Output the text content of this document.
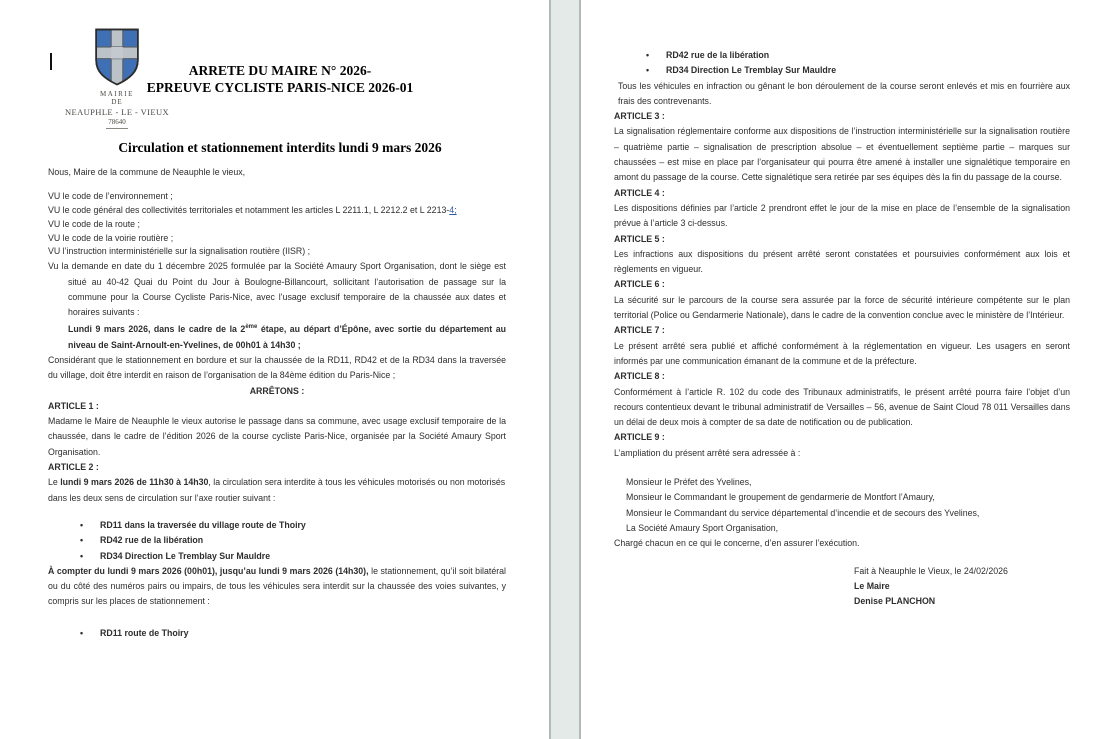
MAIRIE
DE
NEAUPHLE - LE - VIEUX
78640
ARRETE DU MAIRE N° 2026-
EPREUVE CYCLISTE PARIS-NICE 2026-01
Circulation et stationnement interdits lundi 9 mars 2026

Nous, Maire de la commune de Neauphle le vieux,

VU le code de l’environnement ;

VU le code général des collectivités territoriales et notamment les articles L 2211.1, L 2212.2 et L 2213-4;

VU le code de la route ;

VU le code de la voirie routière ;

VU l’instruction interministérielle sur la signalisation routière (IISR) ;

Vu la demande en date du 1 décembre 2025 formulée par la Société Amaury Sport Organisation, dont le siège est situé au 40-42 Quai du Point du Jour à Boulogne-Billancourt, sollicitant l’autorisation de passage sur la commune pour la Course Cycliste Paris-Nice, avec l’usage exclusif temporaire de la chaussée aux dates et horaires suivants :

Lundi 9 mars 2026, dans le cadre de la 2ème étape, au départ d’Épône, avec sortie du département au niveau de Saint-Arnoult-en-Yvelines, de 00h01 à 14h30 ;

Considérant que le stationnement en bordure et sur la chaussée de la RD11, RD42 et de la RD34 dans la traversée du village, doit être interdit en raison de l’organisation de la 84ème édition du Paris-Nice ;

ARRÊTONS :

ARTICLE 1 :

Madame le Maire de Neauphle le vieux autorise le passage dans sa commune, avec usage exclusif temporaire de la chaussée, dans le cadre de l’édition 2026 de la course cycliste Paris-Nice, organisée par la Société Amaury Sport Organisation.

ARTICLE 2 :

Le lundi 9 mars 2026 de 11h30 à 14h30, la circulation sera interdite à tous les véhicules motorisés ou non motorisés dans les deux sens de circulation sur l’axe routier suivant :

• RD11 dans la traversée du village route de Thoiry

• RD42 rue de la libération

• RD34 Direction Le Tremblay Sur Mauldre

À compter du lundi 9 mars 2026 (00h01), jusqu’au lundi 9 mars 2026 (14h30), le stationnement, qu’il soit bilatéral ou du côté des numéros pairs ou impairs, de tous les véhicules sera interdit sur la chaussée des voies suivantes, y compris sur les places de stationnement :

• RD11 route de Thoiry

• RD42 rue de la libération

• RD34 Direction Le Tremblay Sur Mauldre

Tous les véhicules en infraction ou gênant le bon déroulement de la course seront enlevés et mis en fourrière aux frais des contrevenants.

ARTICLE 3 :

La signalisation réglementaire conforme aux dispositions de l’instruction interministérielle sur la signalisation routière – quatrième partie – signalisation de prescription absolue – et éventuellement septième partie – marques sur chaussées – est mise en place par l’organisateur qui pourra être amené à installer une signalétique temporaire en amont du passage de la course. Cette signalétique sera retirée par ses équipes dès la fin du passage de la course.

ARTICLE 4 :

Les dispositions définies par l’article 2 prendront effet le jour de la mise en place de l’ensemble de la signalisation prévue à l’article 3 ci-dessus.

ARTICLE 5 :

Les infractions aux dispositions du présent arrêté seront constatées et poursuivies conformément aux lois et règlements en vigueur.

ARTICLE 6 :

La sécurité sur le parcours de la course sera assurée par la force de sécurité intérieure compétente sur le plan territorial (Police ou Gendarmerie Nationale), dans le cadre de la convention conclue avec le ministère de l’Intérieur.

ARTICLE 7 :

Le présent arrêté sera publié et affiché conformément à la réglementation en vigueur. Les usagers en seront informés par une communication émanant de la commune et de la préfecture.

ARTICLE 8 :

Conformément à l’article R. 102 du code des Tribunaux administratifs, le présent arrêté pourra faire l’objet d’un recours contentieux devant le tribunal administratif de Versailles – 56, avenue de Saint Cloud 78 011 Versailles dans un délai de deux mois à compter de sa date de notification ou de publication.

ARTICLE 9 :

L’ampliation du présent arrêté sera adressée à :

Monsieur le Préfet des Yvelines,

Monsieur le Commandant le groupement de gendarmerie de Montfort l’Amaury,

Monsieur le Commandant du service départemental d’incendie et de secours des Yvelines,

La Société Amaury Sport Organisation,

Chargé chacun en ce qui le concerne, d’en assurer l’exécution.

Fait à Neauphle le Vieux, le 24/02/2026

Le Maire

Denise PLANCHON
